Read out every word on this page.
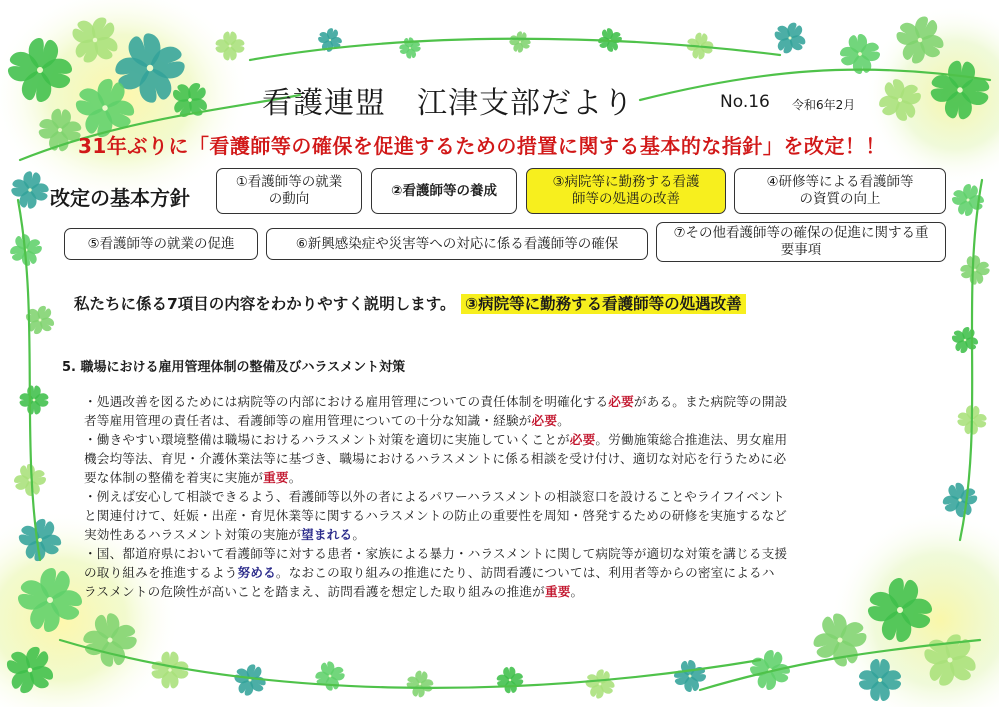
看護連盟　江津支部だより	No.16 令和6年2月
31年ぶりに「看護師等の確保を促進するための措置に関する基本的な指針」を改定！！
改定の基本方針
①看護師等の就業
の動向
②看護師等の養成
③病院等に勤務する看護
師等の処遇の改善
④研修等による看護師等
の資質の向上
⑤看護師等の就業の促進	⑥新興感染症や災害等への対応に係る看護師等の確保
⑦その他看護師等の確保の促進に関する重
要事項
私たちに係る7項目の内容をわかりやすく説明します。 ③病院等に勤務する看護師等の処遇改善
5. 職場における雇用管理体制の整備及びハラスメント対策

・処遇改善を図るためには病院等の内部における雇用管理についての責任体制を明確化する必要がある。また病院等の開設
者等雇用管理の責任者は、看護師等の雇用管理についての十分な知識・経験が必要。

・働きやすい環境整備は職場におけるハラスメント対策を適切に実施していくことが必要。労働施策総合推進法、男女雇用
機会均等法、育児・介護休業法等に基づき、職場におけるハラスメントに係る相談を受け付け、適切な対応を行うために必
要な体制の整備を着実に実施が重要。

・例えば安心して相談できるよう、看護師等以外の者によるパワーハラスメントの相談窓口を設けることやライフイベント
と関連付けて、妊娠・出産・育児休業等に関するハラスメントの防止の重要性を周知・啓発するための研修を実施するなど
実効性あるハラスメント対策の実施が望まれる。

・国、都道府県において看護師等に対する患者・家族による暴力・ハラスメントに関して病院等が適切な対策を講じる支援
の取り組みを推進するよう努める。なおこの取り組みの推進にたり、訪問看護については、利用者等からの密室によるハ
ラスメントの危険性が高いことを踏まえ、訪問看護を想定した取り組みの推進が重要。
